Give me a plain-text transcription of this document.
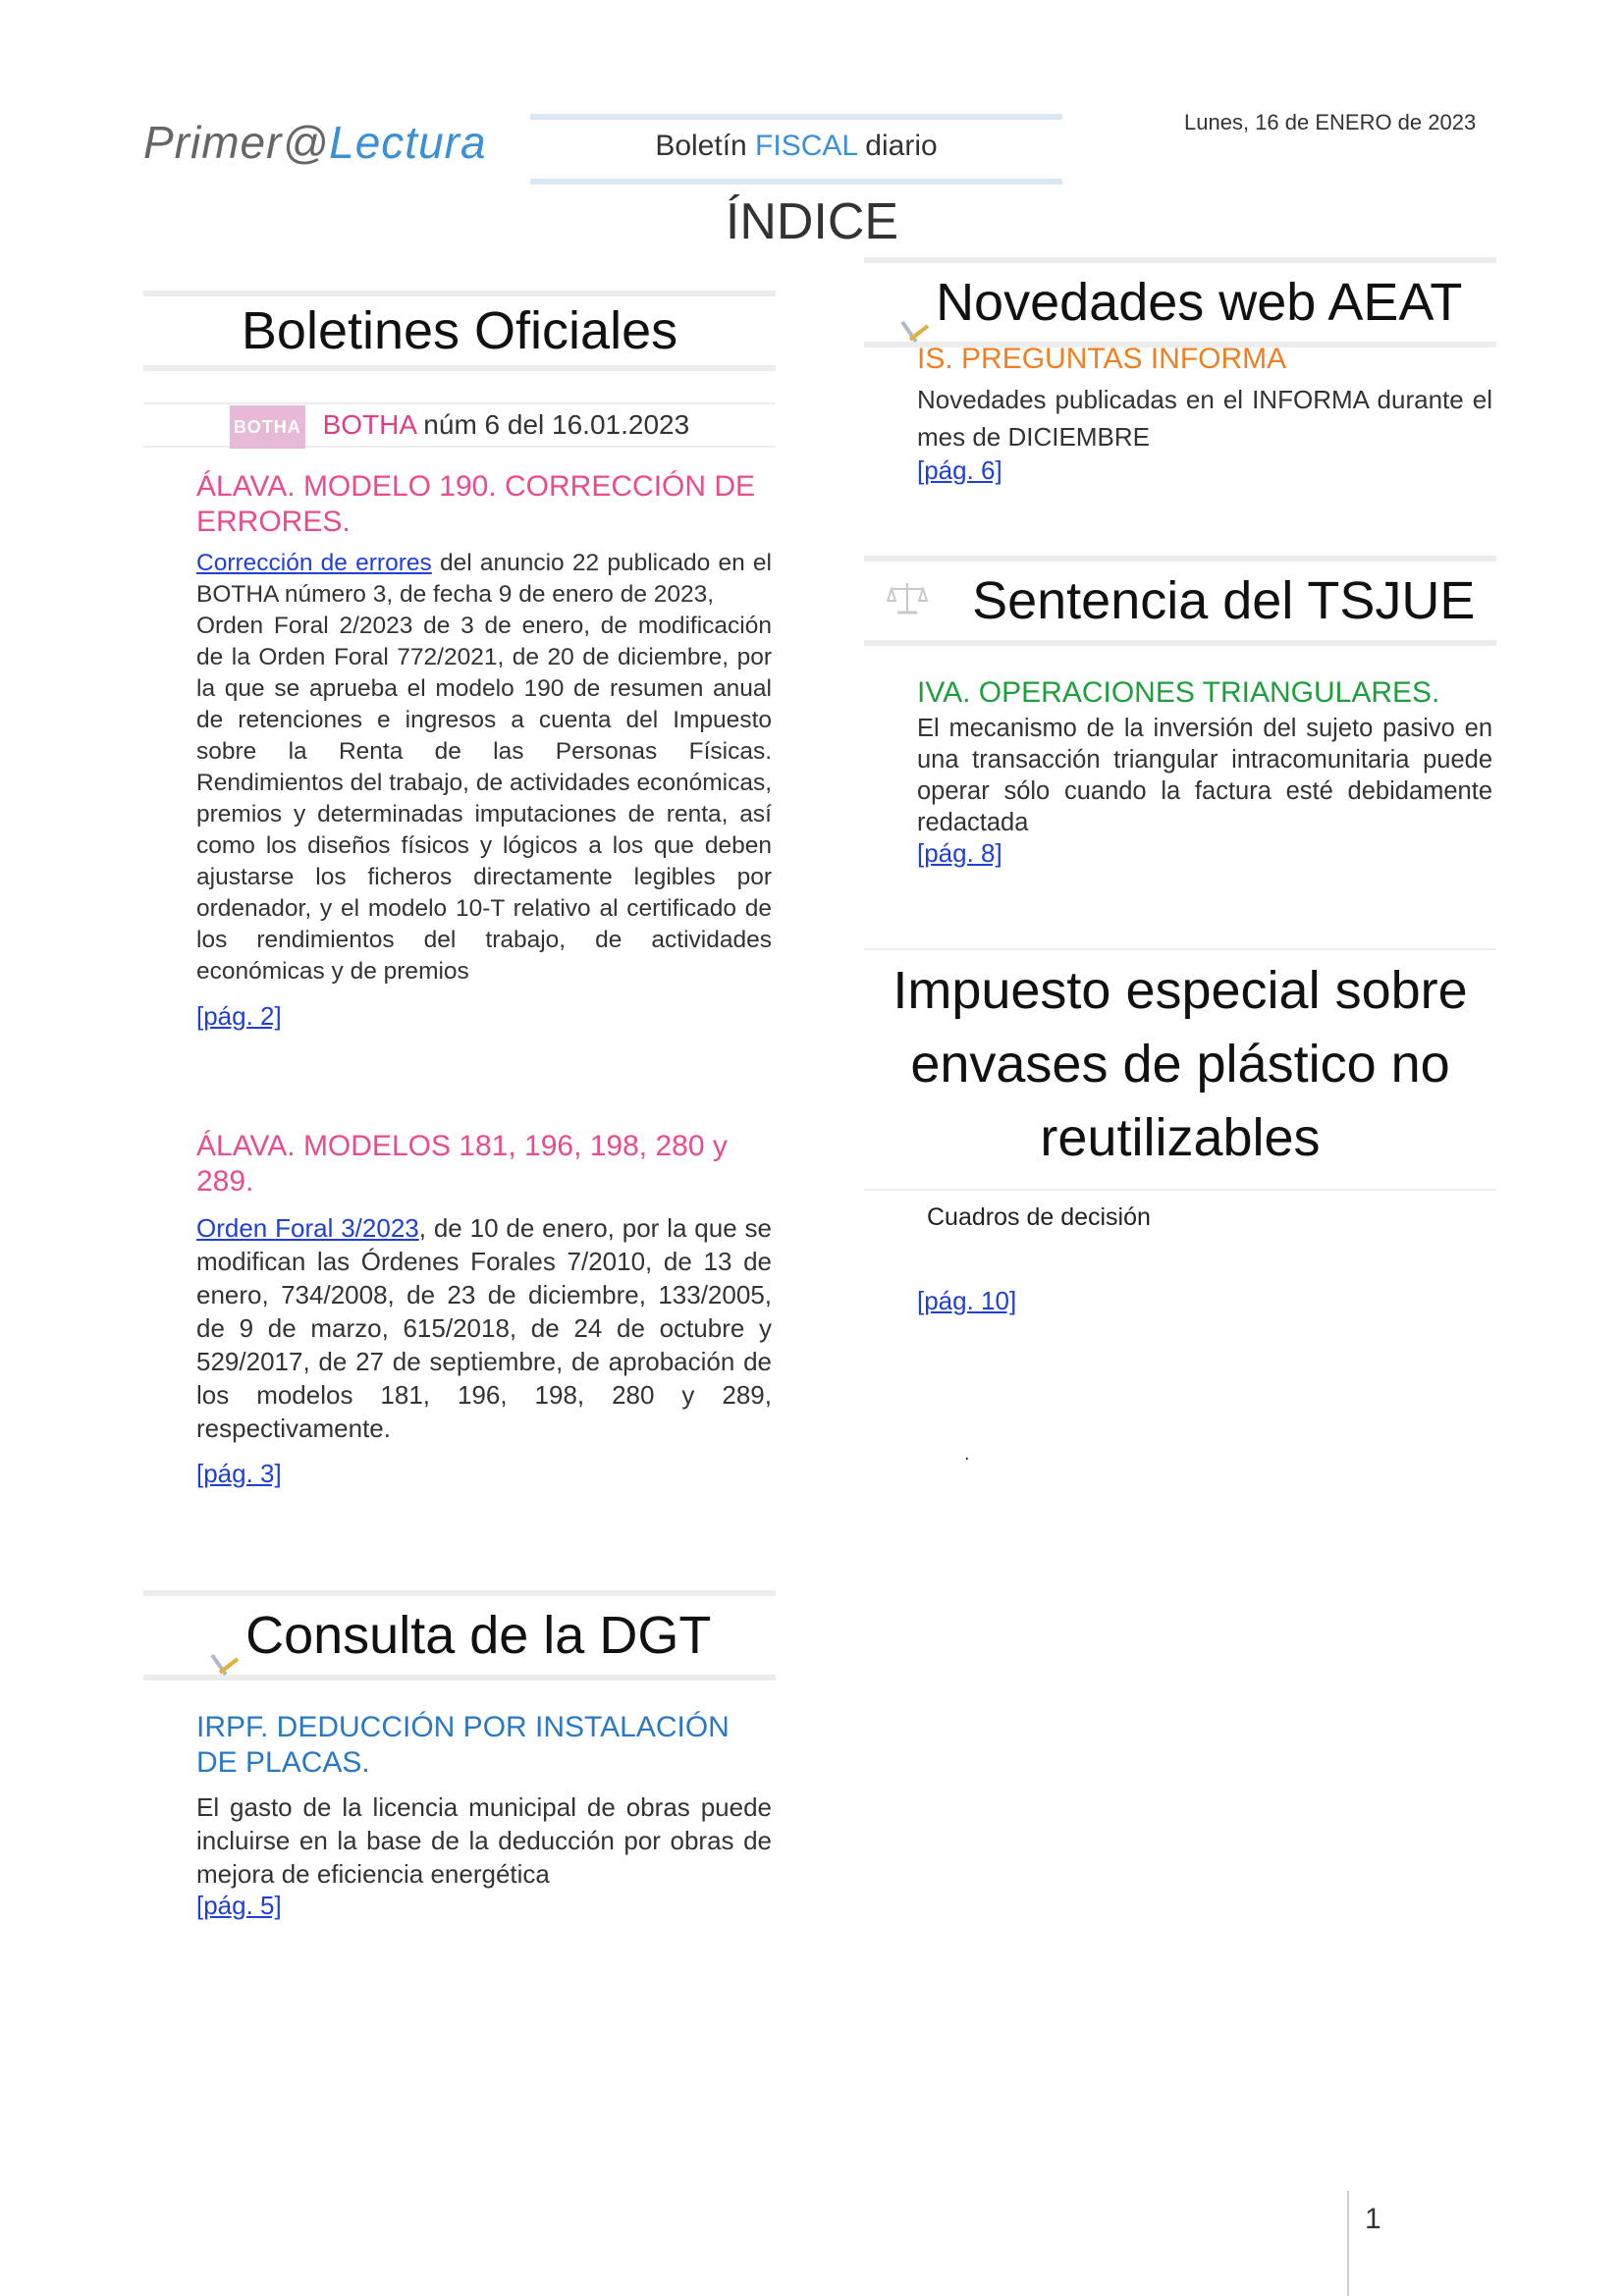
Primer@Lectura	Boletín FISCAL diario
Lunes, 16 de ENERO de 2023
ÍNDICE
Boletines Oficiales
BOTHA BOTHA núm 6 del 16.01.2023
ÁLAVA. MODELO 190. CORRECCIÓN DE ERRORES.
Corrección de errores del anuncio 22 publicado en el BOTHA número 3, de fecha 9 de enero de 2023,
Orden Foral 2/2023 de 3 de enero, de modificación de la Orden Foral 772/2021, de 20 de diciembre, por la que se aprueba el modelo 190 de resumen anual de retenciones e ingresos a cuenta del Impuesto sobre la Renta de las Personas Físicas. Rendimientos del trabajo, de actividades económicas, premios y determinadas imputaciones de renta, así como los diseños físicos y lógicos a los que deben ajustarse los ficheros directamente legibles por ordenador, y el modelo 10-T relativo al certificado de los rendimientos del trabajo, de actividades económicas y de premios
[pág. 2]
ÁLAVA. MODELOS 181, 196, 198, 280 y 289.
Orden Foral 3/2023, de 10 de enero, por la que se modifican las Órdenes Forales 7/2010, de 13 de enero, 734/2008, de 23 de diciembre, 133/2005, de 9 de marzo, 615/2018, de 24 de octubre y 529/2017, de 27 de septiembre, de aprobación de los modelos 181, 196, 198, 280 y 289, respectivamente.
[pág. 3]
Consulta de la DGT
IRPF. DEDUCCIÓN POR INSTALACIÓN DE PLACAS.
El gasto de la licencia municipal de obras puede incluirse en la base de la deducción por obras de mejora de eficiencia energética
[pág. 5]
Novedades web AEAT
IS. PREGUNTAS INFORMA
Novedades publicadas en el INFORMA durante el mes de DICIEMBRE
[pág. 6]
Sentencia del TSJUE
IVA. OPERACIONES TRIANGULARES.
El mecanismo de la inversión del sujeto pasivo en una transacción triangular intracomunitaria puede operar sólo cuando la factura esté debidamente redactada
[pág. 8]
Impuesto especial sobre
envases de plástico no
reutilizables
Cuadros de decisión
[pág. 10]
.
1
